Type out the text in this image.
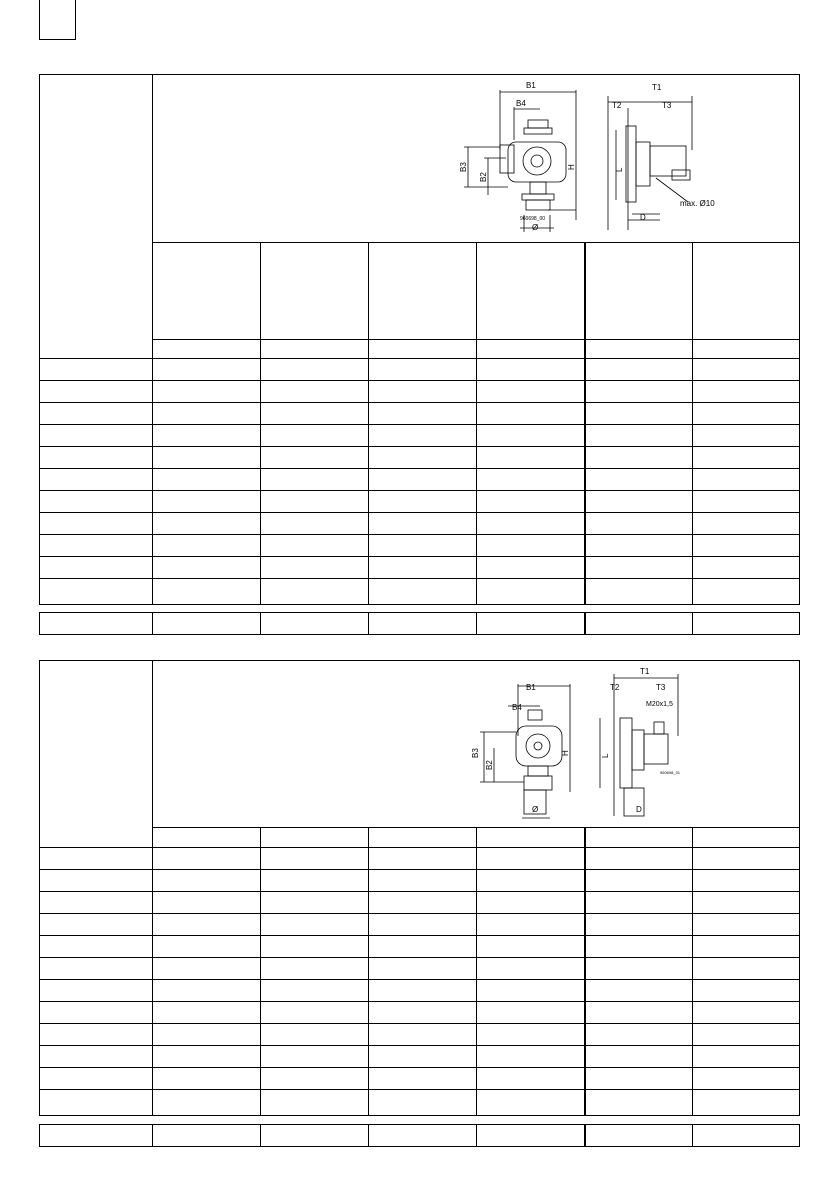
B1
B4
B3
B2
H
Ø
960698_00
T1
T2	T3
L
D
max. Ø10

B1
B4
B3
B2
H
Ø
T1
T2	T3
M20x1,5
L
D
960698_01
